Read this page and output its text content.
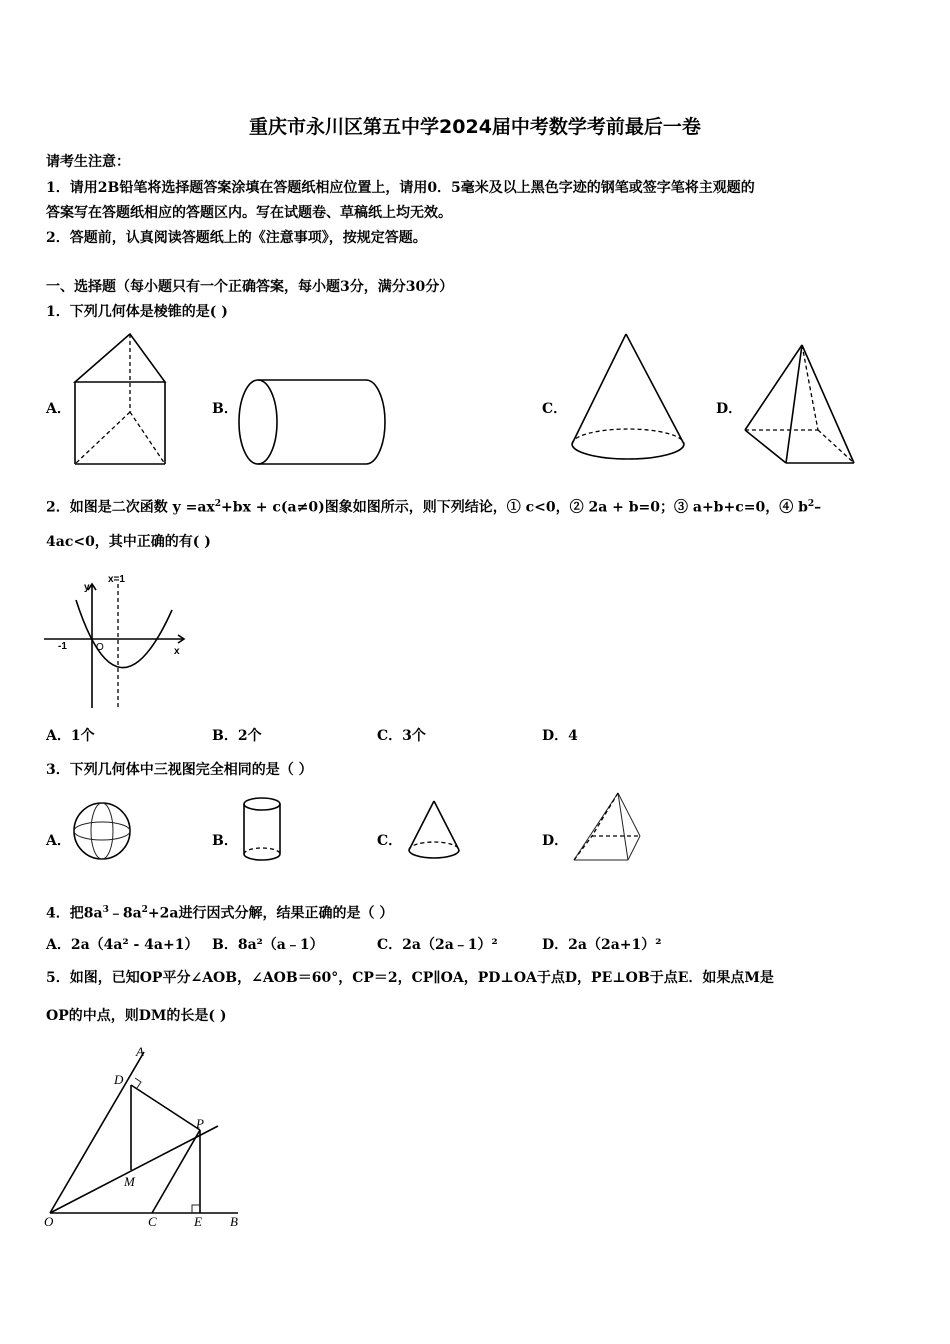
重庆市永川区第五中学2024届中考数学考前最后一卷
请考生注意：
1．请用2B铅笔将选择题答案涂填在答题纸相应位置上，请用0．5毫米及以上黑色字迹的钢笔或签字笔将主观题的
答案写在答题纸相应的答题区内。写在试题卷、草稿纸上均无效。
2．答题前，认真阅读答题纸上的《注意事项》，按规定答题。
一、选择题（每小题只有一个正确答案，每小题3分，满分30分）
1．下列几何体是棱锥的是( )
A．	B．	C．	D．
2．如图是二次函数 $y =ax^2+bx + c(a\ne 0)$图象如图所示，则下列结论，① c<0，② 2a + b=0；③ a+b+c=0，④ $b^2-$
4ac<0，其中正确的有( )
y
x
x=1
-1	O
A．1个	B．2个	C．3个	D．4
3．下列几何体中三视图完全相同的是（ ）
A．	B．	C．	D．
4．把$8a^3﹣8a^2+2a$进行因式分解，结果正确的是（ ）
A．2a（4a² - 4a+1） B．8a²（a﹣1）	C．2a（2a﹣1）²	D．2a（2a+1）²
5．如图，已知OP平分∠AOB，∠AOB＝60°，CP＝2，CP∥OA，PD⊥OA于点D，PE⊥OB于点E．如果点M是
OP的中点，则DM的长是( )
A
D
P
M
O	C	E B
